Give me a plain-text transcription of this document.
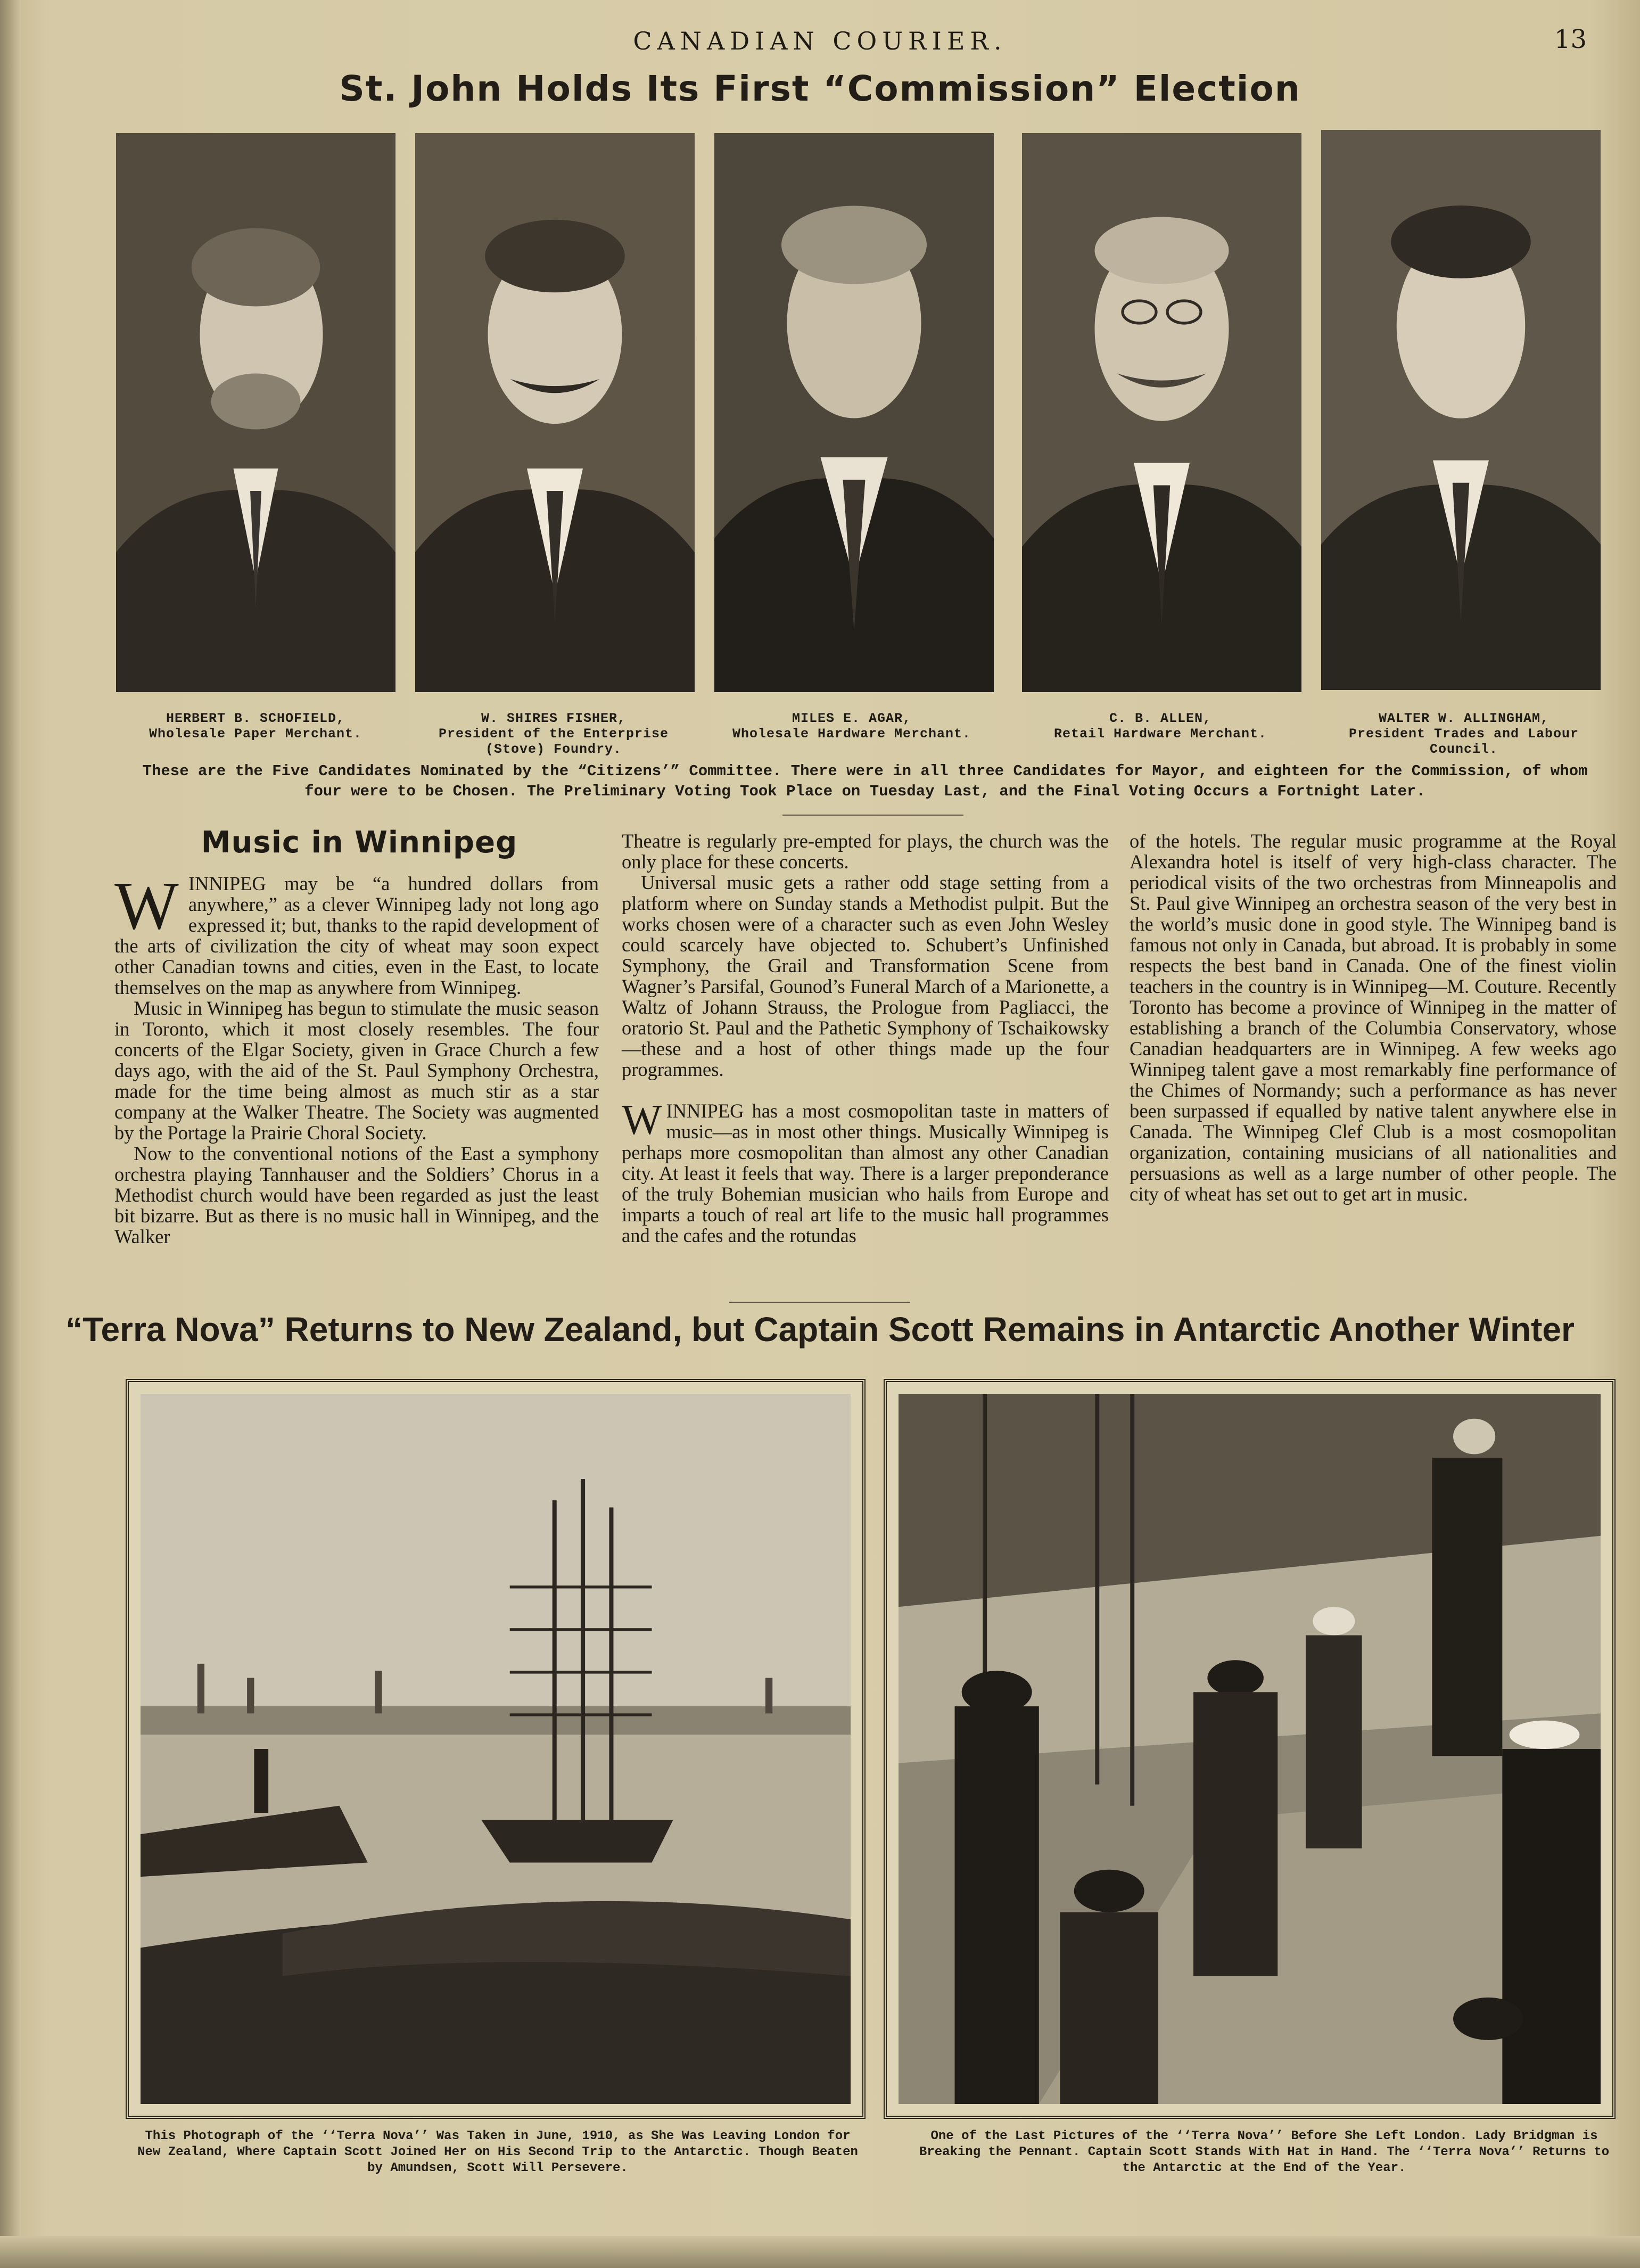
CANADIAN COURIER.	13
St. John Holds Its First “Commission” Election
HERBERT B. SCHOFIELD,
Wholesale Paper Merchant.
W. SHIRES FISHER,
President of the Enterprise (Stove) Foundry.
MILES E. AGAR,
Wholesale Hardware Merchant.
C. B. ALLEN,
Retail Hardware Merchant.
WALTER W. ALLINGHAM,
President Trades and Labour Council.
These are the Five Candidates Nominated by the “Citizens’” Committee. There were in all three Candidates for Mayor, and eighteen for the Commission, of whom four were to be Chosen. The Preliminary Voting Took Place on Tuesday Last, and the Final Voting Occurs a Fortnight Later.
Music in Winnipeg

WINNIPEG may be “a hundred dollars from anywhere,” as a clever Winnipeg lady not long ago expressed it; but, thanks to the rapid development of the arts of civilization the city of wheat may soon expect other Canadian towns and cities, even in the East, to locate themselves on the map as anywhere from Winnipeg.

Music in Winnipeg has begun to stimulate the music season in Toronto, which it most closely resembles. The four concerts of the Elgar Society, given in Grace Church a few days ago, with the aid of the St. Paul Symphony Orchestra, made for the time being almost as much stir as a star company at the Walker Theatre. The Society was augmented by the Portage la Prairie Choral Society.

Now to the conventional notions of the East a symphony orchestra playing Tannhauser and the Soldiers’ Chorus in a Methodist church would have been regarded as just the least bit bizarre. But as there is no music hall in Winnipeg, and the Walker

Theatre is regularly pre-empted for plays, the church was the only place for these concerts.

Universal music gets a rather odd stage setting from a platform where on Sunday stands a Methodist pulpit. But the works chosen were of a character such as even John Wesley could scarcely have objected to. Schubert’s Unfinished Symphony, the Grail and Transformation Scene from Wagner’s Parsifal, Gounod’s Funeral March of a Marionette, a Waltz of Johann Strauss, the Prologue from Pagliacci, the oratorio St. Paul and the Pathetic Symphony of Tschaikowsky—these and a host of other things made up the four programmes.

WINNIPEG has a most cosmopolitan taste in matters of music—as in most other things. Musically Winnipeg is perhaps more cosmopolitan than almost any other Canadian city. At least it feels that way. There is a larger preponderance of the truly Bohemian musician who hails from Europe and imparts a touch of real art life to the music hall programmes and the cafes and the rotundas

of the hotels. The regular music programme at the Royal Alexandra hotel is itself of very high-class character. The periodical visits of the two orchestras from Minneapolis and St. Paul give Winnipeg an orchestra season of the very best in the world’s music done in good style. The Winnipeg band is famous not only in Canada, but abroad. It is probably in some respects the best band in Canada. One of the finest violin teachers in the country is in Winnipeg—M. Couture. Recently Toronto has become a province of Winnipeg in the matter of establishing a branch of the Columbia Conservatory, whose Canadian headquarters are in Winnipeg. A few weeks ago Winnipeg talent gave a most remarkably fine performance of the Chimes of Normandy; such a performance as has never been surpassed if equalled by native talent anywhere else in Canada. The Winnipeg Clef Club is a most cosmopolitan organization, containing musicians of all nationalities and persuasions as well as a large number of other people. The city of wheat has set out to get art in music.

“Terra Nova” Returns to New Zealand, but Captain Scott Remains in Antarctic Another Winter
This Photograph of the ‘‘Terra Nova’’ Was Taken in June, 1910, as She Was Leaving London for New Zealand, Where Captain Scott Joined Her on His Second Trip to the Antarctic. Though Beaten by Amundsen, Scott Will Persevere.
One of the Last Pictures of the ‘‘Terra Nova’’ Before She Left London. Lady Bridgman is Breaking the Pennant. Captain Scott Stands With Hat in Hand. The ‘‘Terra Nova’’ Returns to the Antarctic at the End of the Year.
